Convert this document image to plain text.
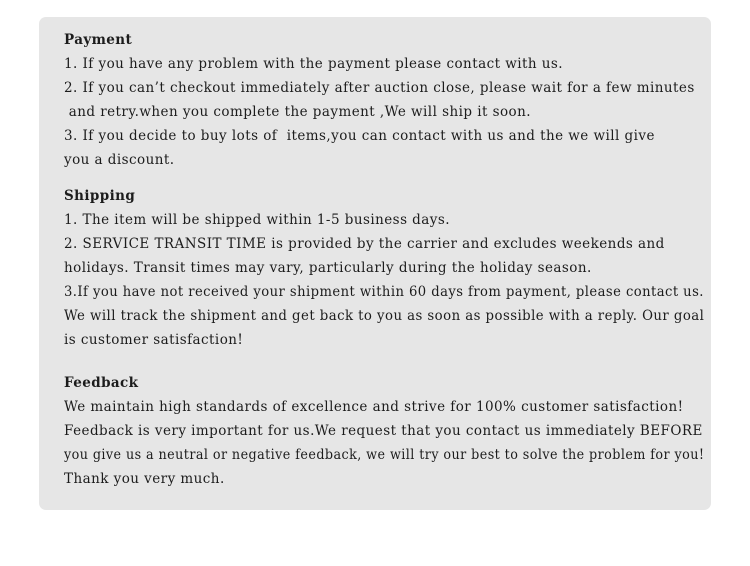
Payment
1. If you have any problem with the payment please contact with us.
2. If you can’t checkout immediately after auction close, please wait for a few minutes
and retry.when you complete the payment ,We will ship it soon.
3. If you decide to buy lots of  items,you can contact with us and the we will give
you a discount.
Shipping
1. The item will be shipped within 1-5 business days.
2. SERVICE TRANSIT TIME is provided by the carrier and excludes weekends and
holidays. Transit times may vary, particularly during the holiday season.
3.If you have not received your shipment within 60 days from payment, please contact us.
We will track the shipment and get back to you as soon as possible with a reply. Our goal
is customer satisfaction!
Feedback
We maintain high standards of excellence and strive for 100% customer satisfaction!
Feedback is very important for us.We request that you contact us immediately BEFORE
you give us a neutral or negative feedback, we will try our best to solve the problem for you!
Thank you very much.
